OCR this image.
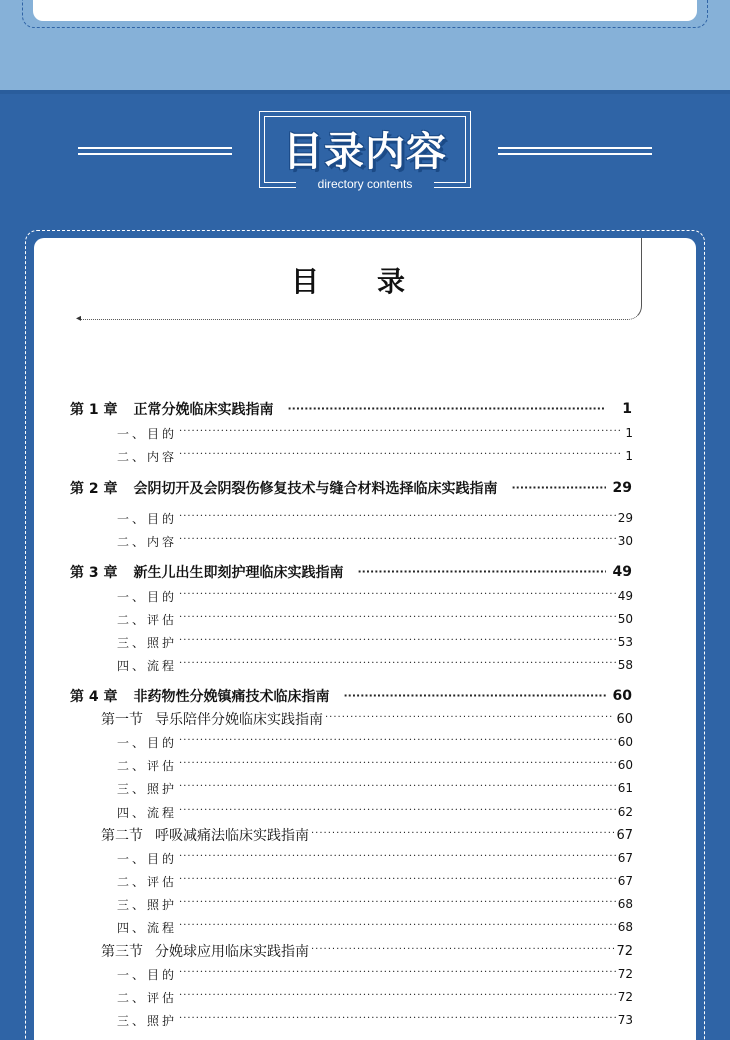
目录内容
directory contents
◂
目 录
第 1 章 正常分娩临床实践指南 ·····	1
一、目的 ·····	1
二、内容 ·····	1
第 2 章 会阴切开及会阴裂伤修复技术与缝合材料选择临床实践指南 ·····	29
一、目的 ·····	29
二、内容 ·····	30
第 3 章 新生儿出生即刻护理临床实践指南 ·····	49
一、目的 ·····	49
二、评估 ·····	50
三、照护 ·····	53
四、流程 ·····	58
第 4 章 非药物性分娩镇痛技术临床指南 ·····	60
第一节 导乐陪伴分娩临床实践指南 ·····	60
一、目的 ·····	60
二、评估 ·····	60
三、照护 ·····	61
四、流程 ·····	62
第二节 呼吸减痛法临床实践指南 ·····	67
一、目的 ·····	67
二、评估 ·····	67
三、照护 ·····	68
四、流程 ·····	68
第三节 分娩球应用临床实践指南 ·····	72
一、目的 ·····	72
二、评估 ·····	72
三、照护 ·····	73
